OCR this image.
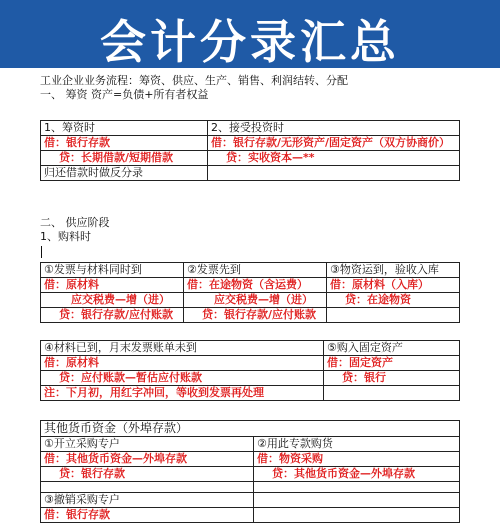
会计分录汇总
工业企业业务流程：筹资、供应、生产、销售、利润结转、分配
一、 筹资 资产=负债+所有者权益
1、筹资时	2、接受投资时
借：银行存款	借：银行存款/无形资产/固定资产（双方协商价）
贷：长期借款/短期借款	贷：实收资本—**
归还借款时做反分录	
二、 供应阶段
1、购料时
①发票与材料同时到	②发票先到	③物资运到，验收入库
借：原材料	借：在途物资（含运费）	借：原材料（入库）
应交税费—增（进）	应交税费—增（进）	贷：在途物资
贷：银行存款/应付账款	贷：银行存款/应付账款	
④材料已到，月末发票账单未到	⑤购入固定资产
借：原材料	借：固定资产
贷：应付账款—暂估应付账款	贷：银行
注：下月初，用红字冲回，等收到发票再处理	
其他货币资金（外埠存款）	
①开立采购专户	②用此专款购货
借：其他货币资金—外埠存款	借：物资采购
贷：银行存款	贷：其他货币资金—外埠存款

③撤销采购专户	
借：银行存款	
